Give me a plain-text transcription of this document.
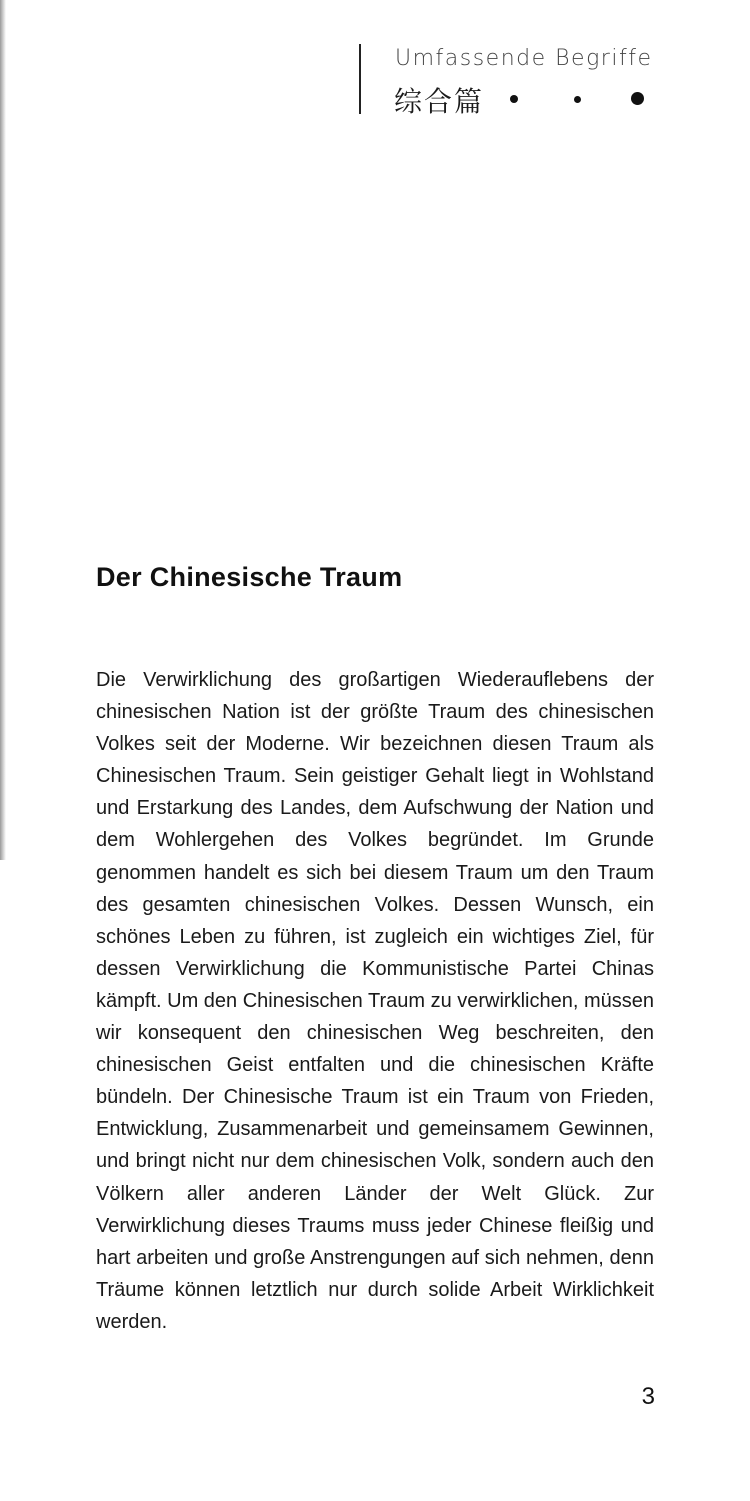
Umfassende Begriffe
综合篇
Der Chinesische Traum

Die Verwirklichung des großartigen Wiederauflebens der chinesischen Nation ist der größte Traum des chinesischen Volkes seit der Moderne. Wir bezeichnen diesen Traum als Chinesischen Traum. Sein geistiger Gehalt liegt in Wohlstand und Erstarkung des Landes, dem Aufschwung der Nation und dem Wohlergehen des Volkes begründet. Im Grunde genommen handelt es sich bei diesem Traum um den Traum des gesamten chinesischen Volkes. Dessen Wunsch, ein schönes Leben zu führen, ist zugleich ein wichtiges Ziel, für dessen Verwirklichung die Kommunistische Partei Chinas kämpft. Um den Chinesischen Traum zu verwirklichen, müssen wir konsequent den chinesischen Weg beschreiten, den chinesischen Geist entfalten und die chinesischen Kräfte bündeln. Der Chinesische Traum ist ein Traum von Frieden, Entwicklung, Zusammenarbeit und gemeinsamem Gewinnen, und bringt nicht nur dem chinesischen Volk, sondern auch den Völkern aller anderen Länder der Welt Glück. Zur Verwirklichung dieses Traums muss jeder Chinese fleißig und hart arbeiten und große Anstrengungen auf sich nehmen, denn Träume können letztlich nur durch solide Arbeit Wirklichkeit werden.

3
